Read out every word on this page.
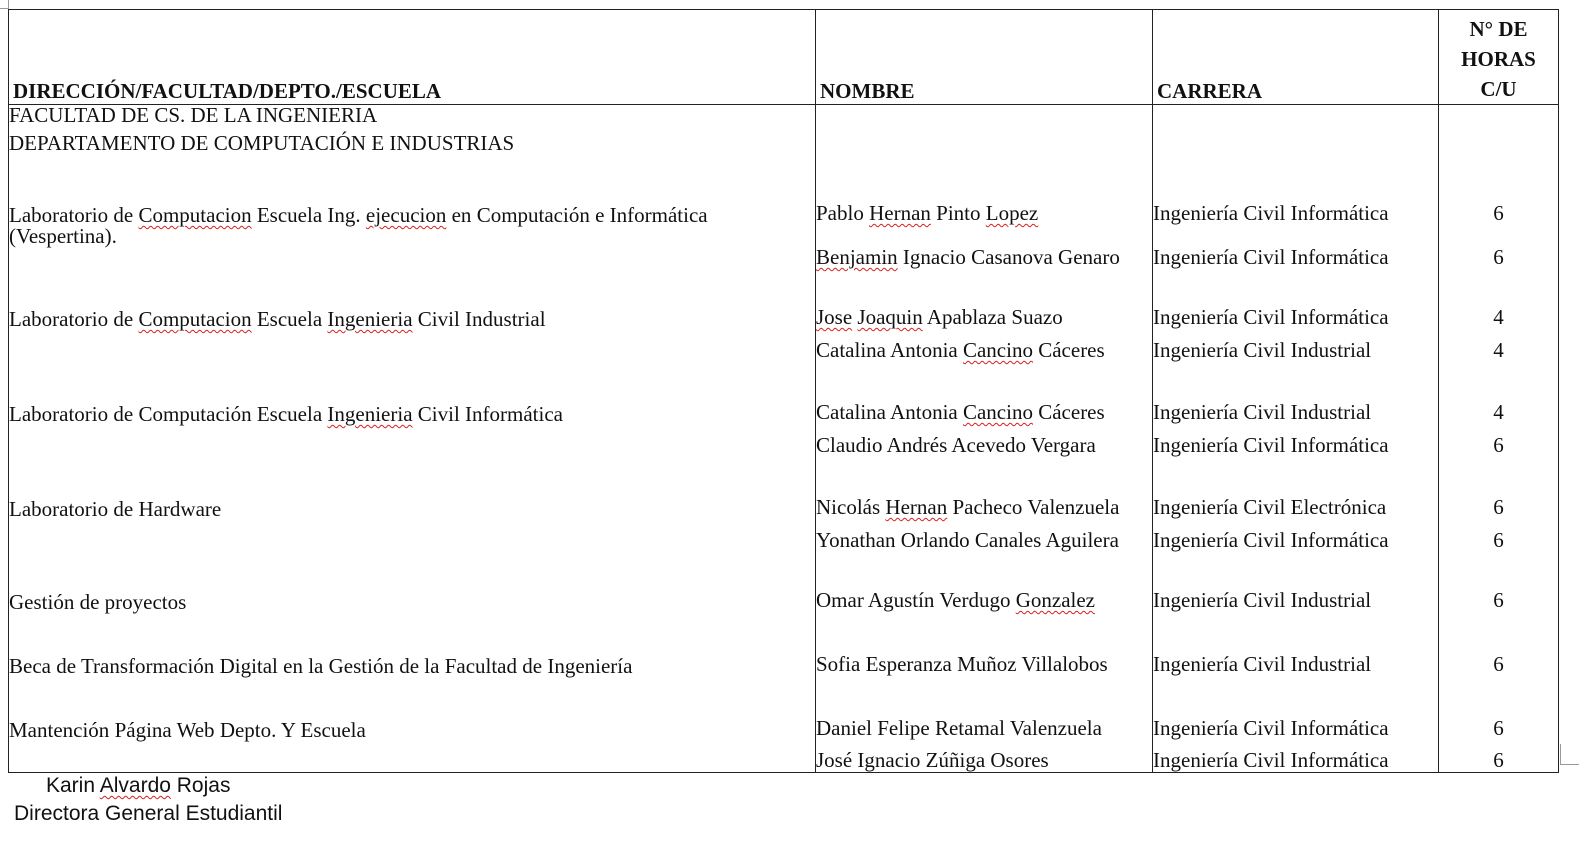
DIRECCIÓN/FACULTAD/DEPTO./ESCUELA	NOMBRE	CARRERA	N° DE
HORAS
C/U

FACULTAD DE CS. DE LA INGENIERIA			
DEPARTAMENTO DE COMPUTACIÓN E INDUSTRIAS			
Laboratorio de Computacion Escuela Ing. ejecucion en Computación e Informática (Vespertina).	Pablo Hernan Pinto Lopez	Ingeniería Civil Informática	6
	Benjamin Ignacio Casanova Genaro	Ingeniería Civil Informática	6
Laboratorio de Computacion Escuela Ingenieria Civil Industrial	Jose Joaquin Apablaza Suazo	Ingeniería Civil Informática	4
	Catalina Antonia Cancino Cáceres	Ingeniería Civil Industrial	4
Laboratorio de Computación Escuela Ingenieria Civil Informática	Catalina Antonia Cancino Cáceres	Ingeniería Civil Industrial	4
	Claudio Andrés Acevedo Vergara	Ingeniería Civil Informática	6
Laboratorio de Hardware	Nicolás Hernan Pacheco Valenzuela	Ingeniería Civil Electrónica	6
	Yonathan Orlando Canales Aguilera	Ingeniería Civil Informática	6
Gestión de proyectos	Omar Agustín Verdugo Gonzalez	Ingeniería Civil Industrial	6
Beca de Transformación Digital en la Gestión de la Facultad de Ingeniería	Sofia Esperanza Muñoz Villalobos	Ingeniería Civil Industrial	6
Mantención Página Web Depto. Y Escuela	Daniel Felipe Retamal Valenzuela	Ingeniería Civil Informática	6
	José Ignacio Zúñiga Osores	Ingeniería Civil Informática	6
Karin Alvardo Rojas
Directora General Estudiantil
